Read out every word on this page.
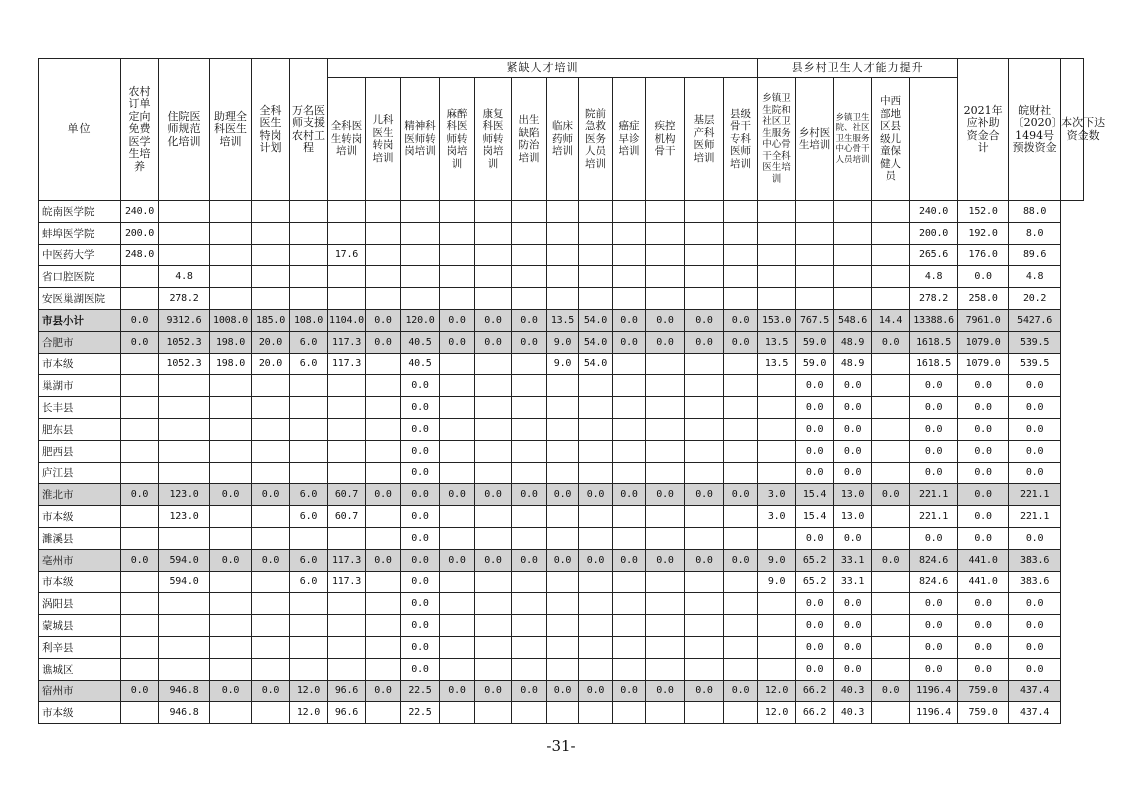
单位	农村订单定向免费医学生培养	住院医师规范化培训	助理全科医生培训	全科医生特岗计划	万名医师支援农村工程	紧缺人才培训												县乡村卫生人才能力提升					2021年应补助资金合计	皖财社〔2020〕1494号预拨资金	本次下达资金数
						全科医生转岗培训	儿科医生转岗培训	精神科医师转岗培训	麻醉科医师转岗培训	康复科医师转岗培训	出生缺陷防治培训	临床药师培训	院前急救医务人员培训	癌症早诊培训	疾控机构骨干	基层产科医师培训	县级骨干专科医师培训	乡镇卫生院和社区卫生服务中心骨干全科医生培训	乡村医生培训	乡镇卫生院、社区卫生服务中心骨干人员培训	中西部地区县级儿童保健人员				
皖南医学院	240.0																					240.0	152.0	88.0	
蚌埠医学院	200.0																					200.0	192.0	8.0	
中医药大学	248.0					17.6																265.6	176.0	89.6	
省口腔医院		4.8																				4.8	0.0	4.8	
安医巢湖医院		278.2																				278.2	258.0	20.2	
市县小计	0.0	9312.6	1008.0	185.0	108.0	1104.0	0.0	120.0	0.0	0.0	0.0	13.5	54.0	0.0	0.0	0.0	0.0	153.0	767.5	548.6	14.4	13388.6	7961.0	5427.6	
合肥市	0.0	1052.3	198.0	20.0	6.0	117.3	0.0	40.5	0.0	0.0	0.0	9.0	54.0	0.0	0.0	0.0	0.0	13.5	59.0	48.9	0.0	1618.5	1079.0	539.5	
市本级		1052.3	198.0	20.0	6.0	117.3		40.5				9.0	54.0					13.5	59.0	48.9		1618.5	1079.0	539.5	
巢湖市								0.0											0.0	0.0		0.0	0.0	0.0	
长丰县								0.0											0.0	0.0		0.0	0.0	0.0	
肥东县								0.0											0.0	0.0		0.0	0.0	0.0	
肥西县								0.0											0.0	0.0		0.0	0.0	0.0	
庐江县								0.0											0.0	0.0		0.0	0.0	0.0	
淮北市	0.0	123.0	0.0	0.0	6.0	60.7	0.0	0.0	0.0	0.0	0.0	0.0	0.0	0.0	0.0	0.0	0.0	3.0	15.4	13.0	0.0	221.1	0.0	221.1	
市本级		123.0			6.0	60.7		0.0										3.0	15.4	13.0		221.1	0.0	221.1	
濉溪县								0.0											0.0	0.0		0.0	0.0	0.0	
亳州市	0.0	594.0	0.0	0.0	6.0	117.3	0.0	0.0	0.0	0.0	0.0	0.0	0.0	0.0	0.0	0.0	0.0	9.0	65.2	33.1	0.0	824.6	441.0	383.6	
市本级		594.0			6.0	117.3		0.0										9.0	65.2	33.1		824.6	441.0	383.6	
涡阳县								0.0											0.0	0.0		0.0	0.0	0.0	
蒙城县								0.0											0.0	0.0		0.0	0.0	0.0	
利辛县								0.0											0.0	0.0		0.0	0.0	0.0	
谯城区								0.0											0.0	0.0		0.0	0.0	0.0	
宿州市	0.0	946.8	0.0	0.0	12.0	96.6	0.0	22.5	0.0	0.0	0.0	0.0	0.0	0.0	0.0	0.0	0.0	12.0	66.2	40.3	0.0	1196.4	759.0	437.4	
市本级		946.8			12.0	96.6		22.5										12.0	66.2	40.3		1196.4	759.0	437.4	
-31-
